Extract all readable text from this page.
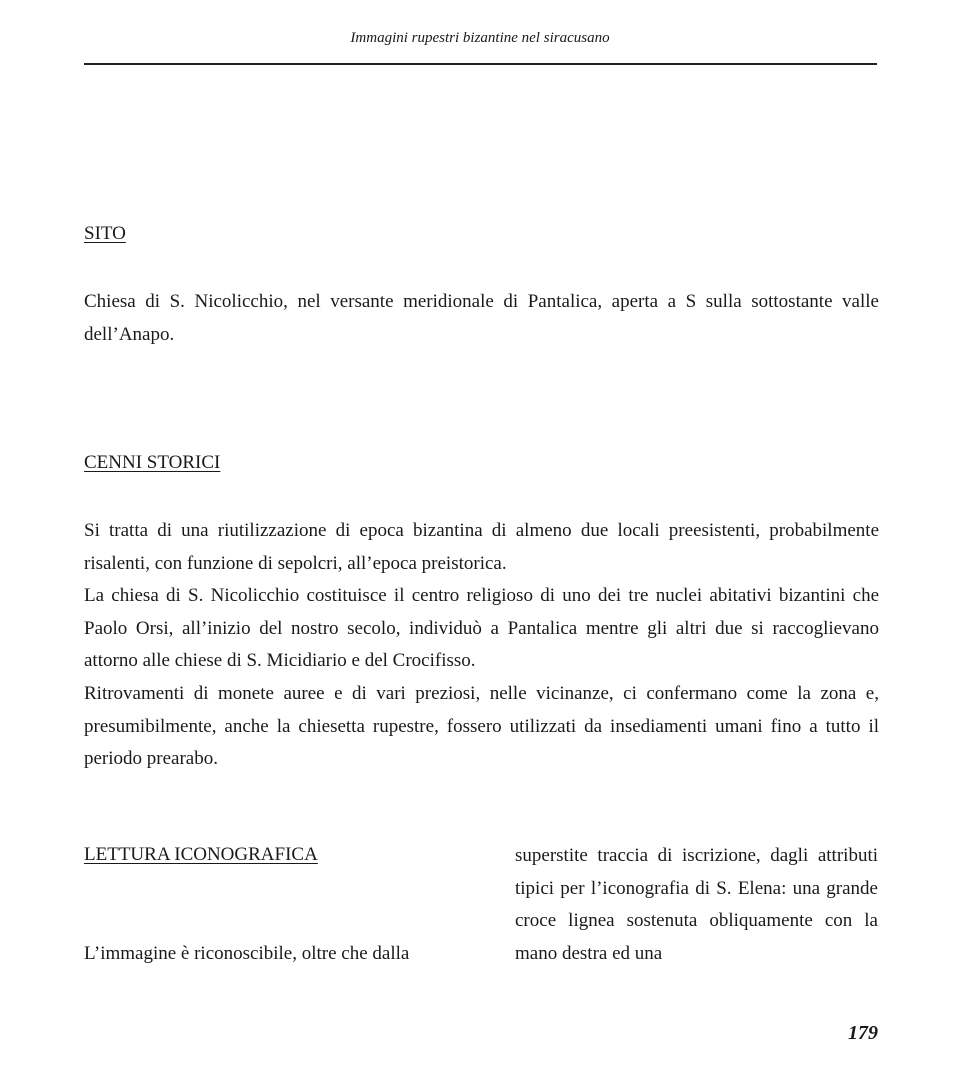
Immagini rupestri bizantine nel siracusano
SITO

Chiesa di S. Nicolicchio, nel versante meridionale di Pantalica, aperta a S sulla sottostante valle dell’Anapo.

CENNI STORICI

Si tratta di una riutilizzazione di epoca bizantina di almeno due locali preesistenti, probabilmente risalenti, con funzione di sepolcri, all’epoca preistorica.

La chiesa di S. Nicolicchio costituisce il centro religioso di uno dei tre nuclei abitativi bizantini che Paolo Orsi, all’inizio del nostro secolo, individuò a Pantalica mentre gli altri due si raccoglievano attorno alle chiese di S. Micidiario e del Crocifisso.

Ritrovamenti di monete auree e di vari preziosi, nelle vicinanze, ci confermano come la zona e, presumibilmente, anche la chiesetta rupestre, fossero utilizzati da insediamenti umani fino a tutto il periodo prearabo.

LETTURA ICONOGRAFICA

L’immagine è riconoscibile, oltre che dalla

superstite traccia di iscrizione, dagli attributi tipici per l’iconografia di S. Elena: una grande croce lignea sostenuta obliquamente con la mano destra ed una

179
